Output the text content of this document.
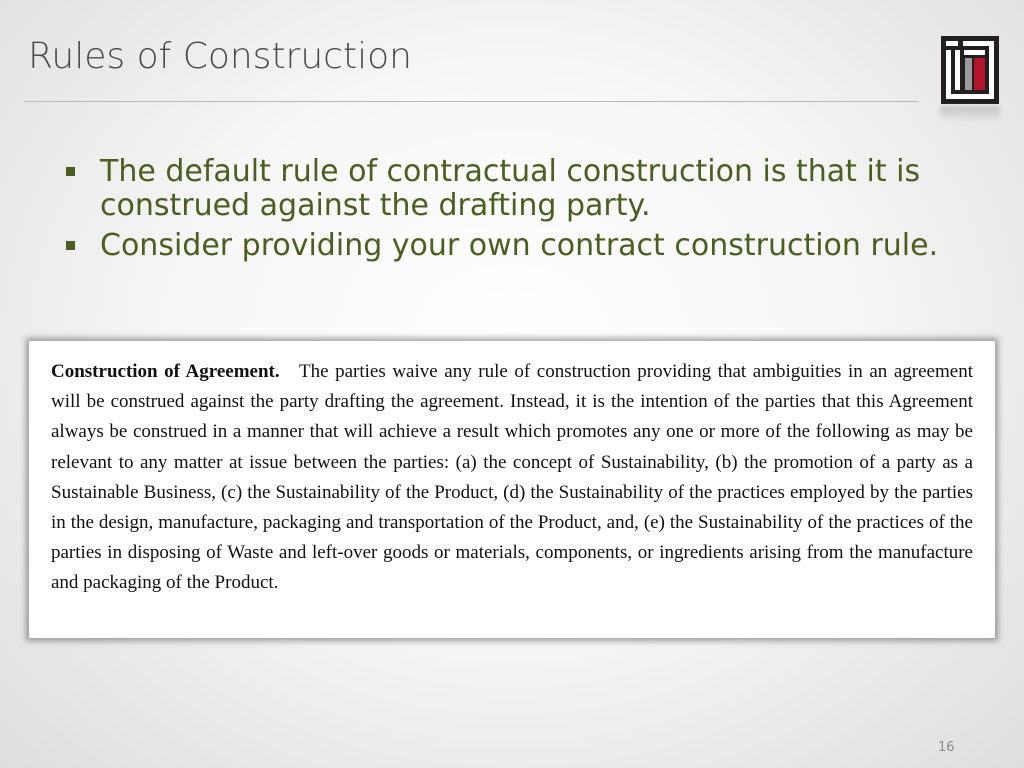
Rules of Construction
The default rule of contractual construction is that it is construed against the drafting party.
Consider providing your own contract construction rule.

Construction of Agreement. The parties waive any rule of construction providing that ambiguities in an agreement will be construed against the party drafting the agreement. Instead, it is the intention of the parties that this Agreement always be construed in a manner that will achieve a result which promotes any one or more of the following as may be relevant to any matter at issue between the parties: (a) the concept of Sustainability, (b) the promotion of a party as a Sustainable Business, (c) the Sustainability of the Product, (d) the Sustainability of the practices employed by the parties in the design, manufacture, packaging and transportation of the Product, and, (e) the Sustainability of the practices of the parties in disposing of Waste and left-over goods or materials, components, or ingredients arising from the manufacture and packaging of the Product.

16
